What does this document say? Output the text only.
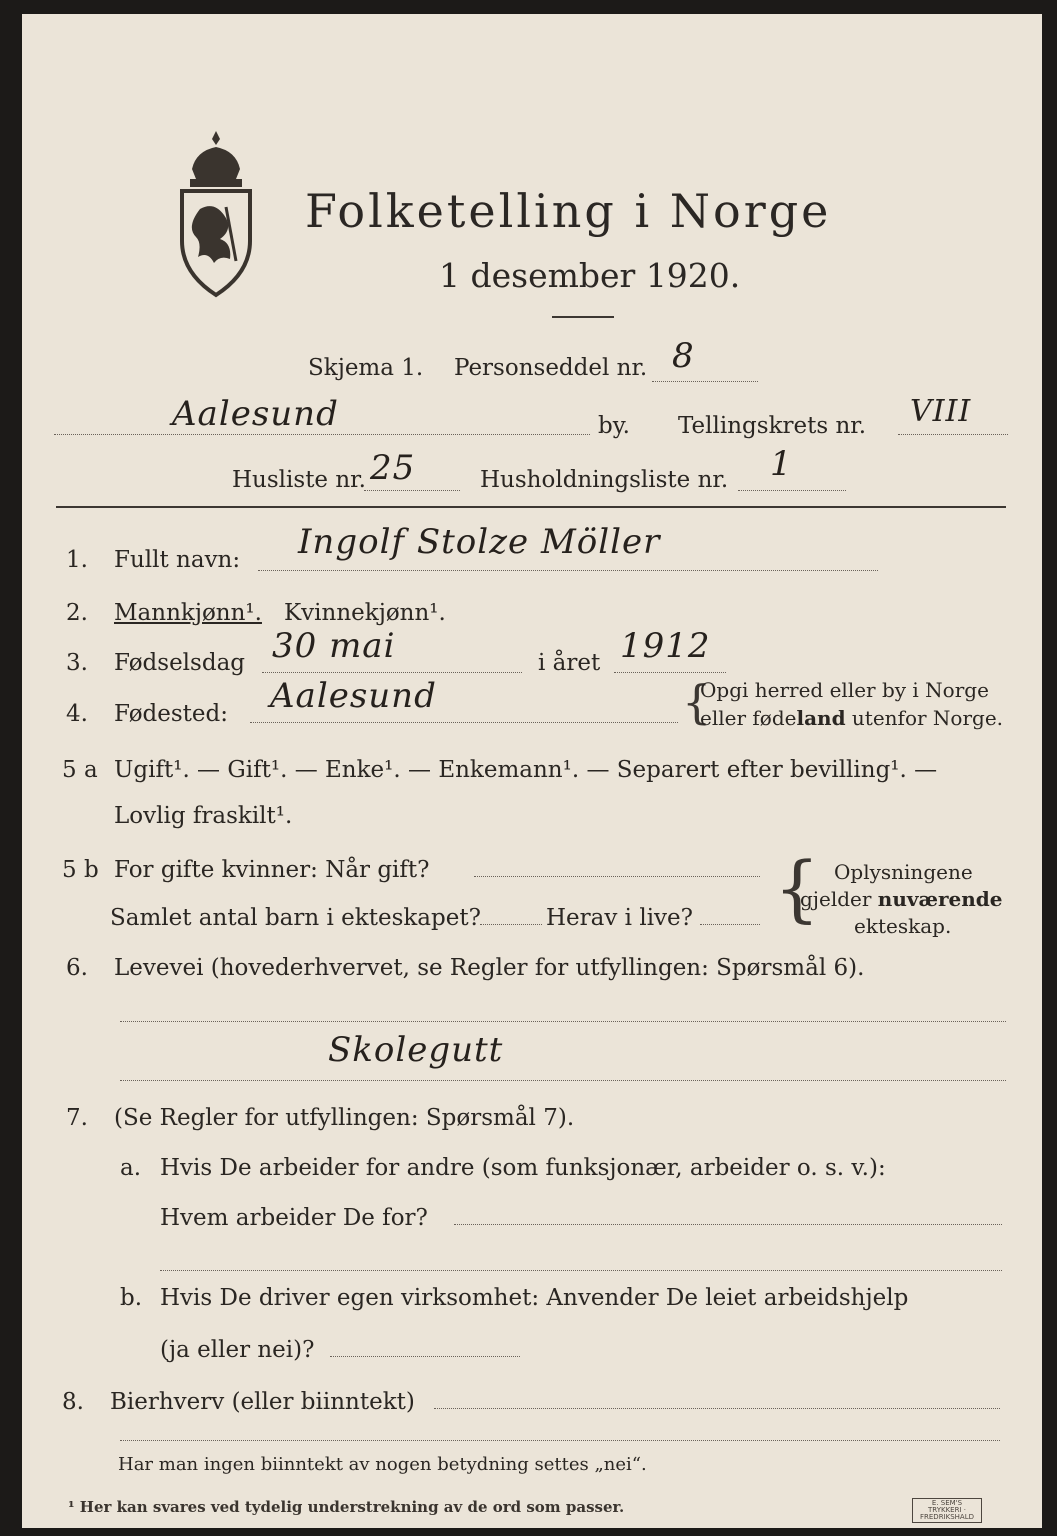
Folketelling i Norge
1 desember 1920.
Skjema 1. Personseddel nr. 8
Aalesund	by. Tellingskrets nr. VIII
Husliste nr. 25	Husholdningsliste nr. 1
1. Fullt navn: Ingolf Stolze Möller
2. Mannkjønn¹. Kvinnekjønn¹.
3. Fødselsdag 30 mai	i året 1912
4. Fødested: Aalesund	{
Opgi herred eller by i Norge
eller fødeland utenfor Norge.
5 a Ugift¹. — Gift¹. — Enke¹. — Enkemann¹. — Separert efter bevilling¹. —
Lovlig fraskilt¹.
5 b For gifte kvinner: Når gift?
Samlet antal barn i ekteskapet?	Herav i live? { Oplysningene
gjelder nuværende
ekteskap.
6. Levevei (hovederhvervet, se Regler for utfyllingen: Spørsmål 6).
Skolegutt
7. (Se Regler for utfyllingen: Spørsmål 7).
a. Hvis De arbeider for andre (som funksjonær, arbeider o. s. v.):
Hvem arbeider De for?
b. Hvis De driver egen virksomhet: Anvender De leiet arbeidshjelp
(ja eller nei)?
8. Bierhverv (eller biinntekt)
Har man ingen biinntekt av nogen betydning settes „nei“.
¹ Her kan svares ved tydelig understrekning av de ord som passer.	E. SEM'S TRYKKERI · FREDRIKSHALD
